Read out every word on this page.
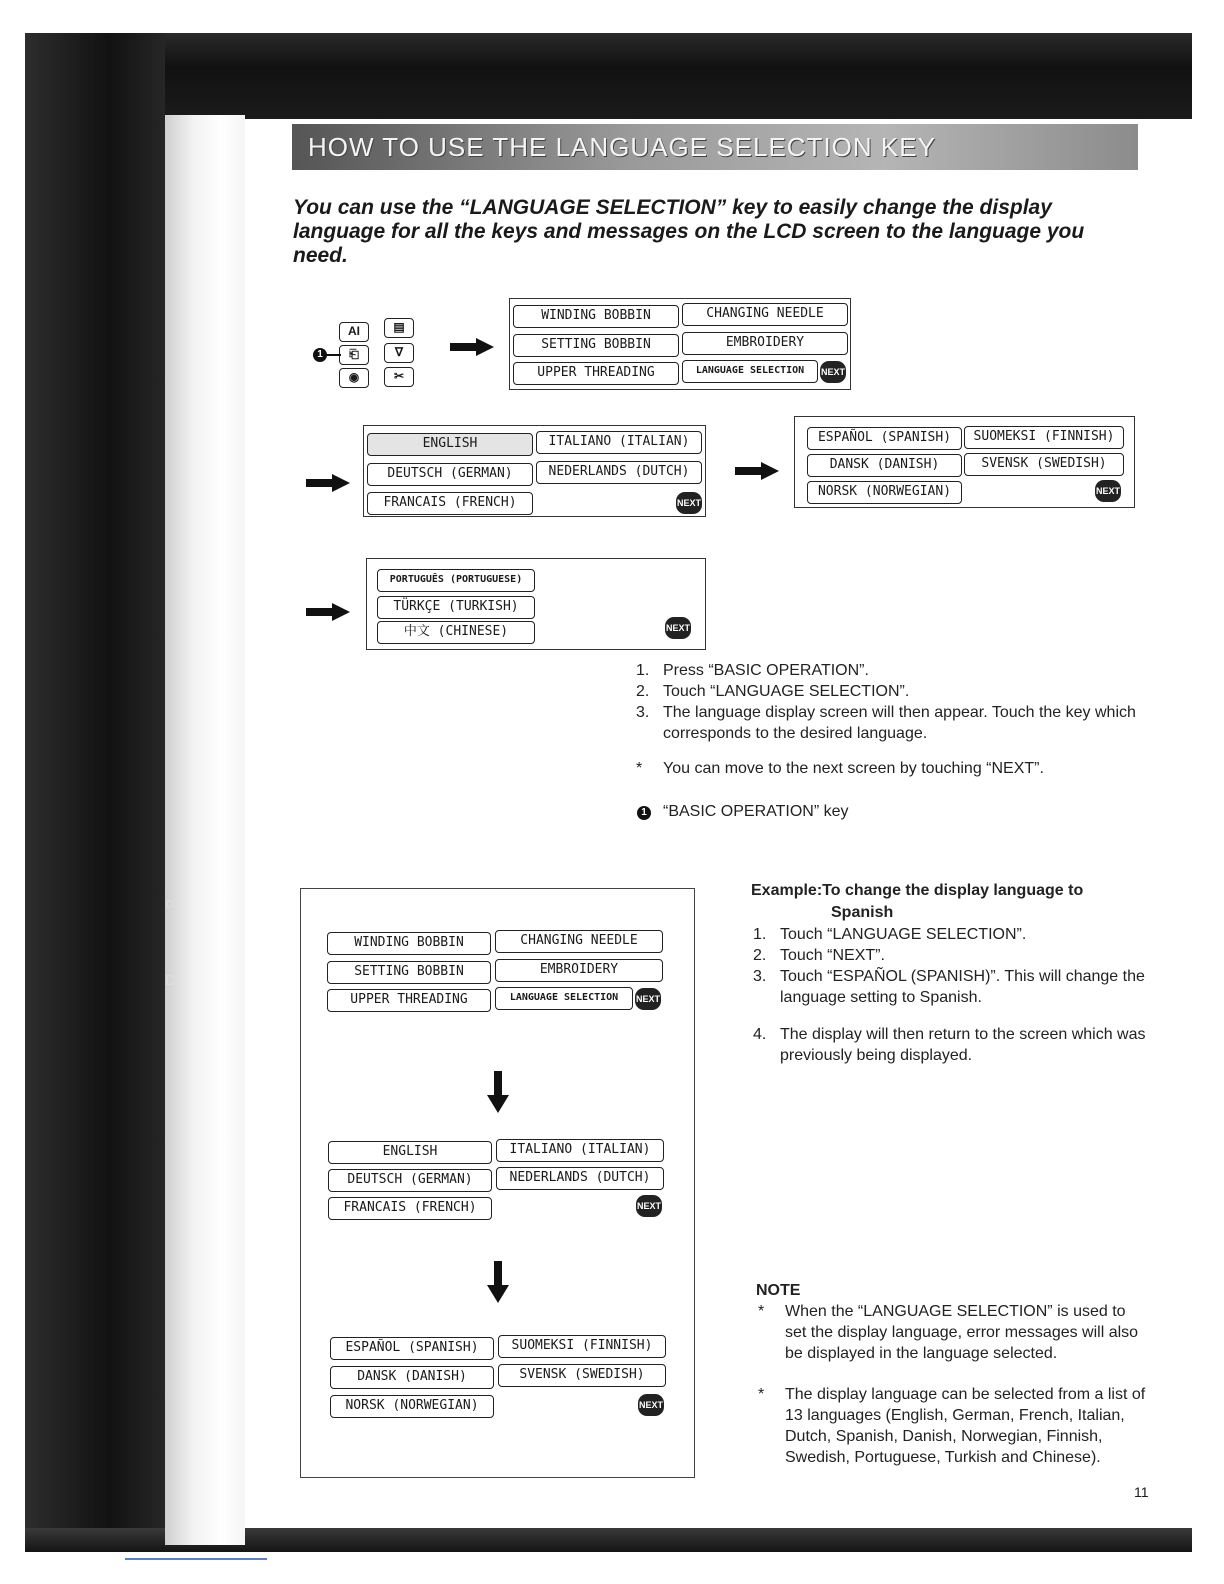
of
D
HOW TO USE THE LANGUAGE SELECTION KEY
You can use the “LANGUAGE SELECTION” key to easily change the display language for all the keys and messages on the LCD screen to the language you need.
AI	▤
⎗	∇
◉	✂
1
WINDING BOBBIN	CHANGING NEEDLE
SETTING BOBBIN	EMBROIDERY
UPPER THREADING	LANGUAGE SELECTION	NEXT
ENGLISH	ITALIANO (ITALIAN)
DEUTSCH (GERMAN)	NEDERLANDS (DUTCH)
FRANCAIS (FRENCH)	NEXT
ESPAÑOL (SPANISH)	SUOMEKSI (FINNISH)
DANSK (DANISH)	SVENSK (SWEDISH)
NORSK (NORWEGIAN)	NEXT
PORTUGUÊS (PORTUGUESE)
TÜRKÇE (TURKISH)
中文 (CHINESE)	NEXT
1. Press “BASIC OPERATION”.
2. Touch “LANGUAGE SELECTION”.
3. The language display screen will then appear. Touch the key which corresponds to the desired language.
* You can move to the next screen by touching “NEXT”.
1 “BASIC OPERATION” key
WINDING BOBBIN	CHANGING NEEDLE
SETTING BOBBIN	EMBROIDERY
UPPER THREADING	LANGUAGE SELECTION	NEXT
ENGLISH	ITALIANO (ITALIAN)
DEUTSCH (GERMAN)	NEDERLANDS (DUTCH)
FRANCAIS (FRENCH)	NEXT
ESPAÑOL (SPANISH)	SUOMEKSI (FINNISH)
DANSK (DANISH)	SVENSK (SWEDISH)
NORSK (NORWEGIAN)	NEXT
Example:To change the display language to
Spanish
1. Touch “LANGUAGE SELECTION”.
2. Touch “NEXT”.
3. Touch “ESPAÑOL (SPANISH)”. This will change the language setting to Spanish.
4. The display will then return to the screen which was previously being displayed.
NOTE
* When the “LANGUAGE SELECTION” is used to set the display language, error messages will also be displayed in the language selected.
* The display language can be selected from a list of 13 languages (English, German, French, Italian, Dutch, Spanish, Danish, Norwegian, Finnish, Swedish, Portuguese, Turkish and Chinese).
11
